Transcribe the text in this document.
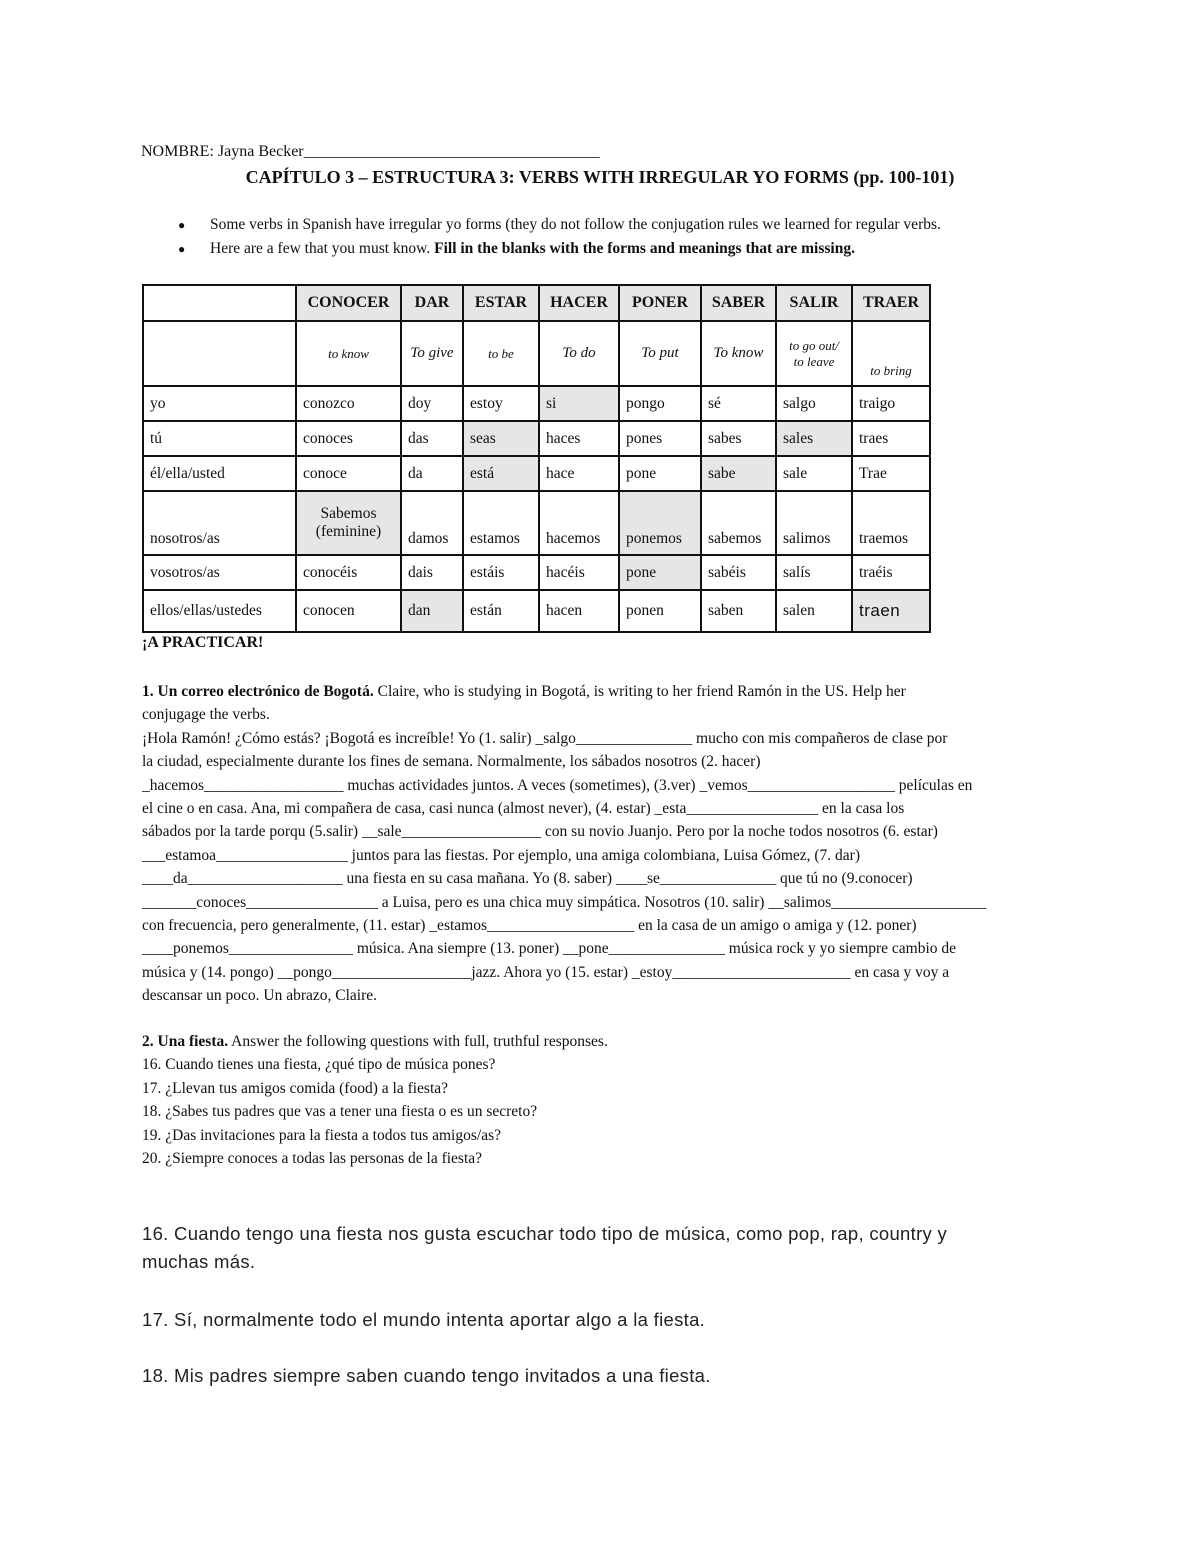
NOMBRE: Jayna Becker_____________________________________
CAPÍTULO 3 – ESTRUCTURA 3: VERBS WITH IRREGULAR YO FORMS (pp. 100-101)
● Some verbs in Spanish have irregular yo forms (they do not follow the conjugation rules we learned for regular verbs.
● Here are a few that you must know. Fill in the blanks with the forms and meanings that are missing.
	CONOCER	DAR	ESTAR	HACER	PONER	SABER	SALIR	TRAER
	to know	To give	to be	To do	To put	To know	to go out/ to leave	to bring
yo	conozco	doy	estoy	si	pongo	sé	salgo	traigo
tú	conoces	das	seas	haces	pones	sabes	sales	traes
él/ella/usted	conoce	da	está	hace	pone	sabe	sale	Trae
nosotros/as	Sabemos (feminine)	damos	estamos	hacemos	ponemos	sabemos	salimos	traemos
vosotros/as	conocéis	dais	estáis	hacéis	pone	sabéis	salís	traéis
ellos/ellas/ustedes	conocen	dan	están	hacen	ponen	saben	salen	traen
¡A PRACTICAR!
1. Un correo electrónico de Bogotá. Claire, who is studying in Bogotá, is writing to her friend Ramón in the US. Help her
conjugage the verbs.
¡Hola Ramón! ¿Cómo estás? ¡Bogotá es increíble! Yo (1. salir) _salgo_______________ mucho con mis compañeros de clase por
la ciudad, especialmente durante los fines de semana. Normalmente, los sábados nosotros (2. hacer)
_hacemos__________________ muchas actividades juntos. A veces (sometimes), (3.ver) _vemos___________________ películas en
el cine o en casa. Ana, mi compañera de casa, casi nunca (almost never), (4. estar) _esta_________________ en la casa los
sábados por la tarde porqu (5.salir) __sale__________________ con su novio Juanjo. Pero por la noche todos nosotros (6. estar)
___estamoa_________________ juntos para las fiestas. Por ejemplo, una amiga colombiana, Luisa Gómez, (7. dar)
____da____________________ una fiesta en su casa mañana. Yo (8. saber) ____se_______________ que tú no (9.conocer)
_______conoces_________________ a Luisa, pero es una chica muy simpática. Nosotros (10. salir) __salimos____________________
con frecuencia, pero generalmente, (11. estar) _estamos___________________ en la casa de un amigo o amiga y (12. poner)
____ponemos________________ música. Ana siempre (13. poner) __pone_______________ música rock y yo siempre cambio de
música y (14. pongo) __pongo__________________jazz. Ahora yo (15. estar) _estoy_______________________ en casa y voy a
descansar un poco. Un abrazo, Claire.
2. Una fiesta. Answer the following questions with full, truthful responses.
16. Cuando tienes una fiesta, ¿qué tipo de música pones?
17. ¿Llevan tus amigos comida (food) a la fiesta?
18. ¿Sabes tus padres que vas a tener una fiesta o es un secreto?
19. ¿Das invitaciones para la fiesta a todos tus amigos/as?
20. ¿Siempre conoces a todas las personas de la fiesta?
16. Cuando tengo una fiesta nos gusta escuchar todo tipo de música, como pop, rap, country y
muchas más.
17. Sí, normalmente todo el mundo intenta aportar algo a la fiesta.
18. Mis padres siempre saben cuando tengo invitados a una fiesta.
